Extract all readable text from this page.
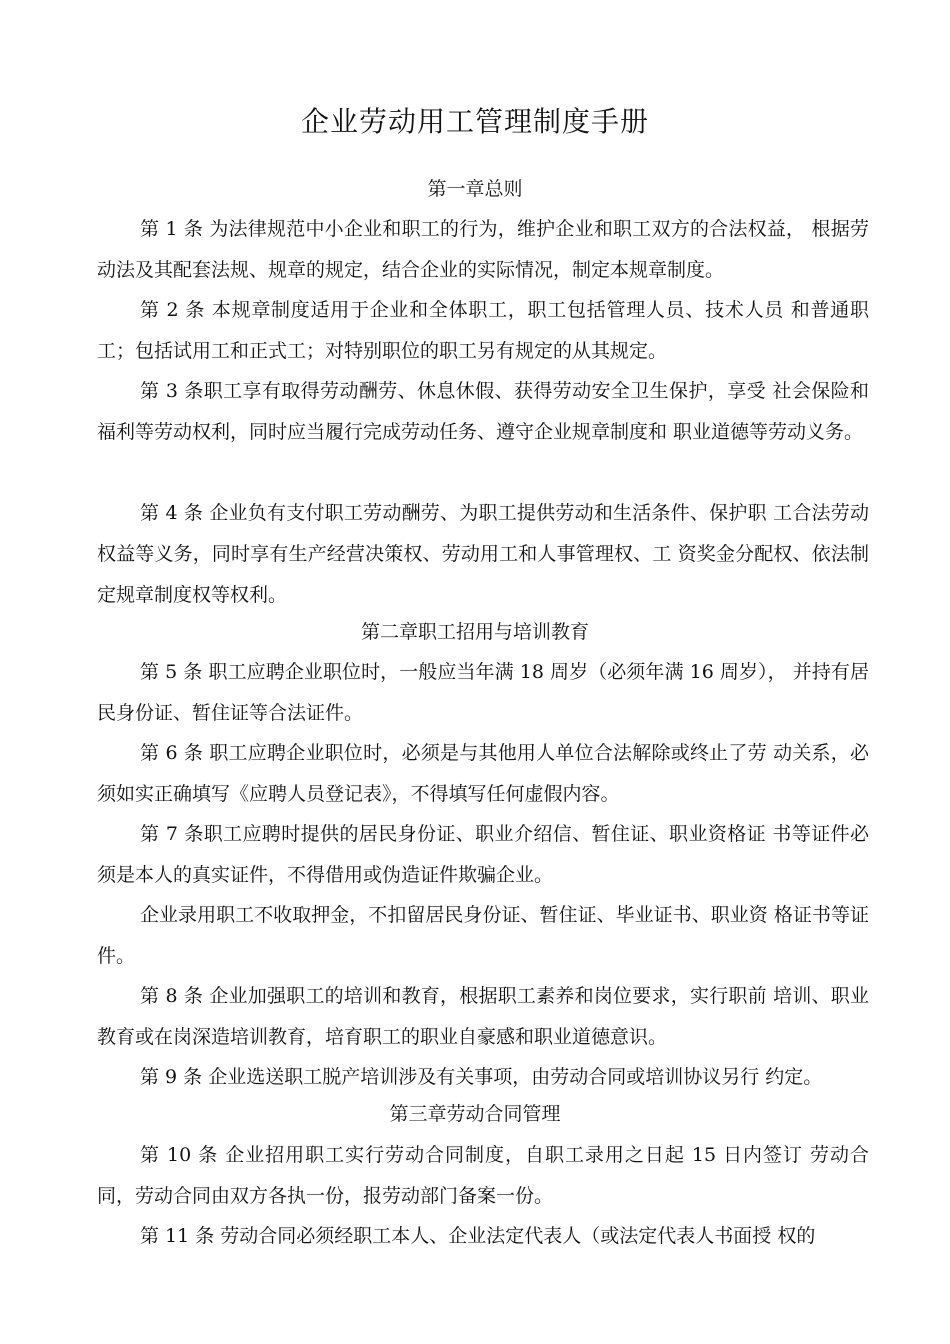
企业劳动用工管理制度手册
第一章总则

第 1 条 为法律规范中小企业和职工的行为，维护企业和职工双方的合法权益， 根据劳动法及其配套法规、规章的规定，结合企业的实际情况，制定本规章制度。

第 2 条 本规章制度适用于企业和全体职工，职工包括管理人员、技术人员 和普通职工；包括试用工和正式工；对特别职位的职工另有规定的从其规定。

第 3 条职工享有取得劳动酬劳、休息休假、获得劳动安全卫生保护，享受 社会保险和福利等劳动权利，同时应当履行完成劳动任务、遵守企业规章制度和 职业道德等劳动义务。

第 4 条 企业负有支付职工劳动酬劳、为职工提供劳动和生活条件、保护职 工合法劳动权益等义务，同时享有生产经营决策权、劳动用工和人事管理权、工 资奖金分配权、依法制定规章制度权等权利。

第二章职工招用与培训教育

第 5 条 职工应聘企业职位时，一般应当年满 18 周岁（必须年满 16 周岁）， 并持有居民身份证、暂住证等合法证件。

第 6 条 职工应聘企业职位时，必须是与其他用人单位合法解除或终止了劳 动关系，必须如实正确填写《应聘人员登记表》，不得填写任何虚假内容。

第 7 条职工应聘时提供的居民身份证、职业介绍信、暂住证、职业资格证 书等证件必须是本人的真实证件，不得借用或伪造证件欺骗企业。

企业录用职工不收取押金，不扣留居民身份证、暂住证、毕业证书、职业资 格证书等证件。

第 8 条 企业加强职工的培训和教育，根据职工素养和岗位要求，实行职前 培训、职业教育或在岗深造培训教育，培育职工的职业自豪感和职业道德意识。

第 9 条 企业选送职工脱产培训涉及有关事项，由劳动合同或培训协议另行 约定。

第三章劳动合同管理

第 10 条 企业招用职工实行劳动合同制度，自职工录用之日起 15 日内签订 劳动合同，劳动合同由双方各执一份，报劳动部门备案一份。

第 11 条 劳动合同必须经职工本人、企业法定代表人（或法定代表人书面授 权的
